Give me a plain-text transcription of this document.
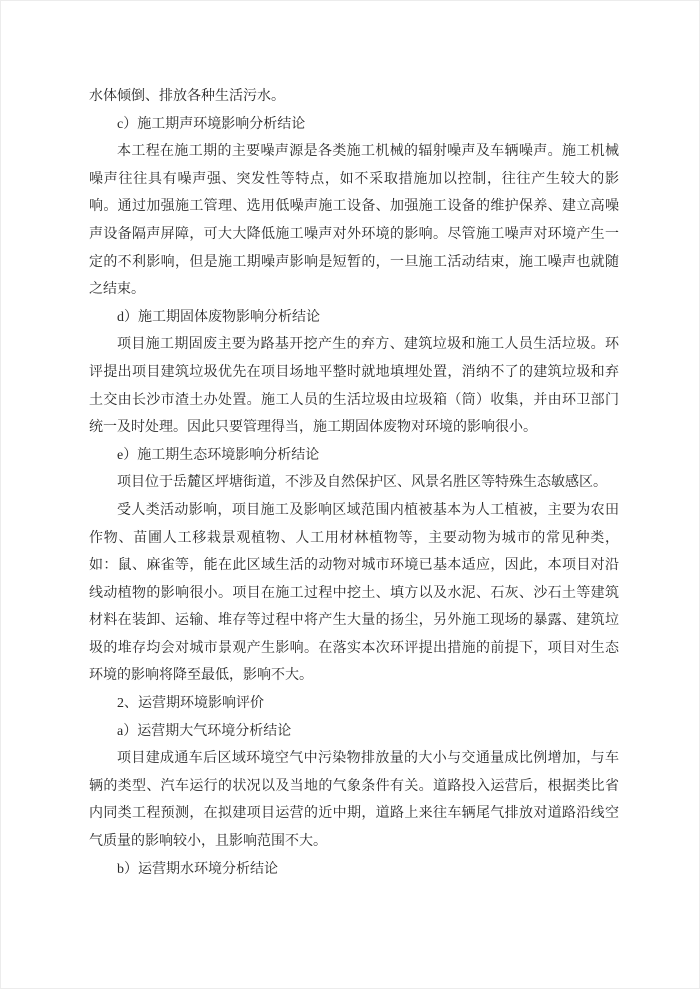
水体倾倒、排放各种生活污水。

c）施工期声环境影响分析结论

本工程在施工期的主要噪声源是各类施工机械的辐射噪声及车辆噪声。施工机械噪声往往具有噪声强、突发性等特点，如不采取措施加以控制，往往产生较大的影响。通过加强施工管理、选用低噪声施工设备、加强施工设备的维护保养、建立高噪声设备隔声屏障，可大大降低施工噪声对外环境的影响。尽管施工噪声对环境产生一定的不利影响，但是施工期噪声影响是短暂的，一旦施工活动结束，施工噪声也就随之结束。

d）施工期固体废物影响分析结论

项目施工期固废主要为路基开挖产生的弃方、建筑垃圾和施工人员生活垃圾。环评提出项目建筑垃圾优先在项目场地平整时就地填埋处置，消纳不了的建筑垃圾和弃土交由长沙市渣土办处置。施工人员的生活垃圾由垃圾箱（筒）收集，并由环卫部门统一及时处理。因此只要管理得当，施工期固体废物对环境的影响很小。

e）施工期生态环境影响分析结论

项目位于岳麓区坪塘街道，不涉及自然保护区、风景名胜区等特殊生态敏感区。

受人类活动影响，项目施工及影响区域范围内植被基本为人工植被，主要为农田作物、苗圃人工移栽景观植物、人工用材林植物等，主要动物为城市的常见种类，如：鼠、麻雀等，能在此区域生活的动物对城市环境已基本适应，因此，本项目对沿线动植物的影响很小。项目在施工过程中挖土、填方以及水泥、石灰、沙石土等建筑材料在装卸、运输、堆存等过程中将产生大量的扬尘，另外施工现场的暴露、建筑垃圾的堆存均会对城市景观产生影响。在落实本次环评提出措施的前提下，项目对生态环境的影响将降至最低，影响不大。

2、运营期环境影响评价

a）运营期大气环境分析结论

项目建成通车后区域环境空气中污染物排放量的大小与交通量成比例增加，与车辆的类型、汽车运行的状况以及当地的气象条件有关。道路投入运营后，根据类比省内同类工程预测，在拟建项目运营的近中期，道路上来往车辆尾气排放对道路沿线空气质量的影响较小，且影响范围不大。

b）运营期水环境分析结论
